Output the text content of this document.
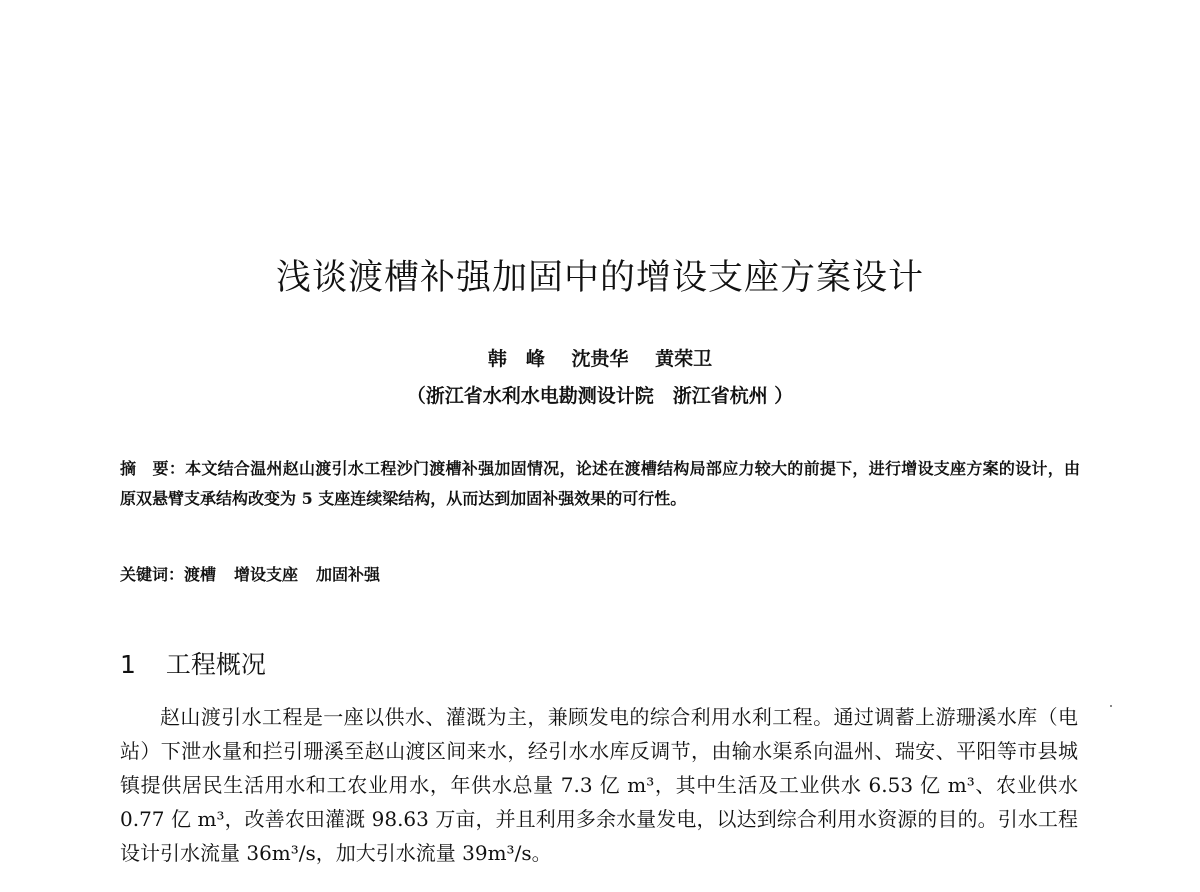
浅谈渡槽补强加固中的增设支座方案设计
韩　峰 沈贵华 黄荣卫
（浙江省水利水电勘测设计院　浙江省杭州 ）
摘　要：本文结合温州赵山渡引水工程沙门渡槽补强加固情况，论述在渡槽结构局部应力较大的前提下，进行增设支座方案的设计，由原双悬臂支承结构改变为 5 支座连续梁结构，从而达到加固补强效果的可行性。
关键词：渡槽 增设支座 加固补强
1 工程概况
赵山渡引水工程是一座以供水、灌溉为主，兼顾发电的综合利用水利工程。通过调蓄上游珊溪水库（电站）下泄水量和拦引珊溪至赵山渡区间来水，经引水水库反调节，由输水渠系向温州、瑞安、平阳等市县城镇提供居民生活用水和工农业用水，年供水总量 7.3 亿 m³，其中生活及工业供水 6.53 亿 m³、农业供水 0.77 亿 m³，改善农田灌溉 98.63 万亩，并且利用多余水量发电，以达到综合利用水资源的目的。引水工程设计引水流量 36m³/s，加大引水流量 39m³/s。
